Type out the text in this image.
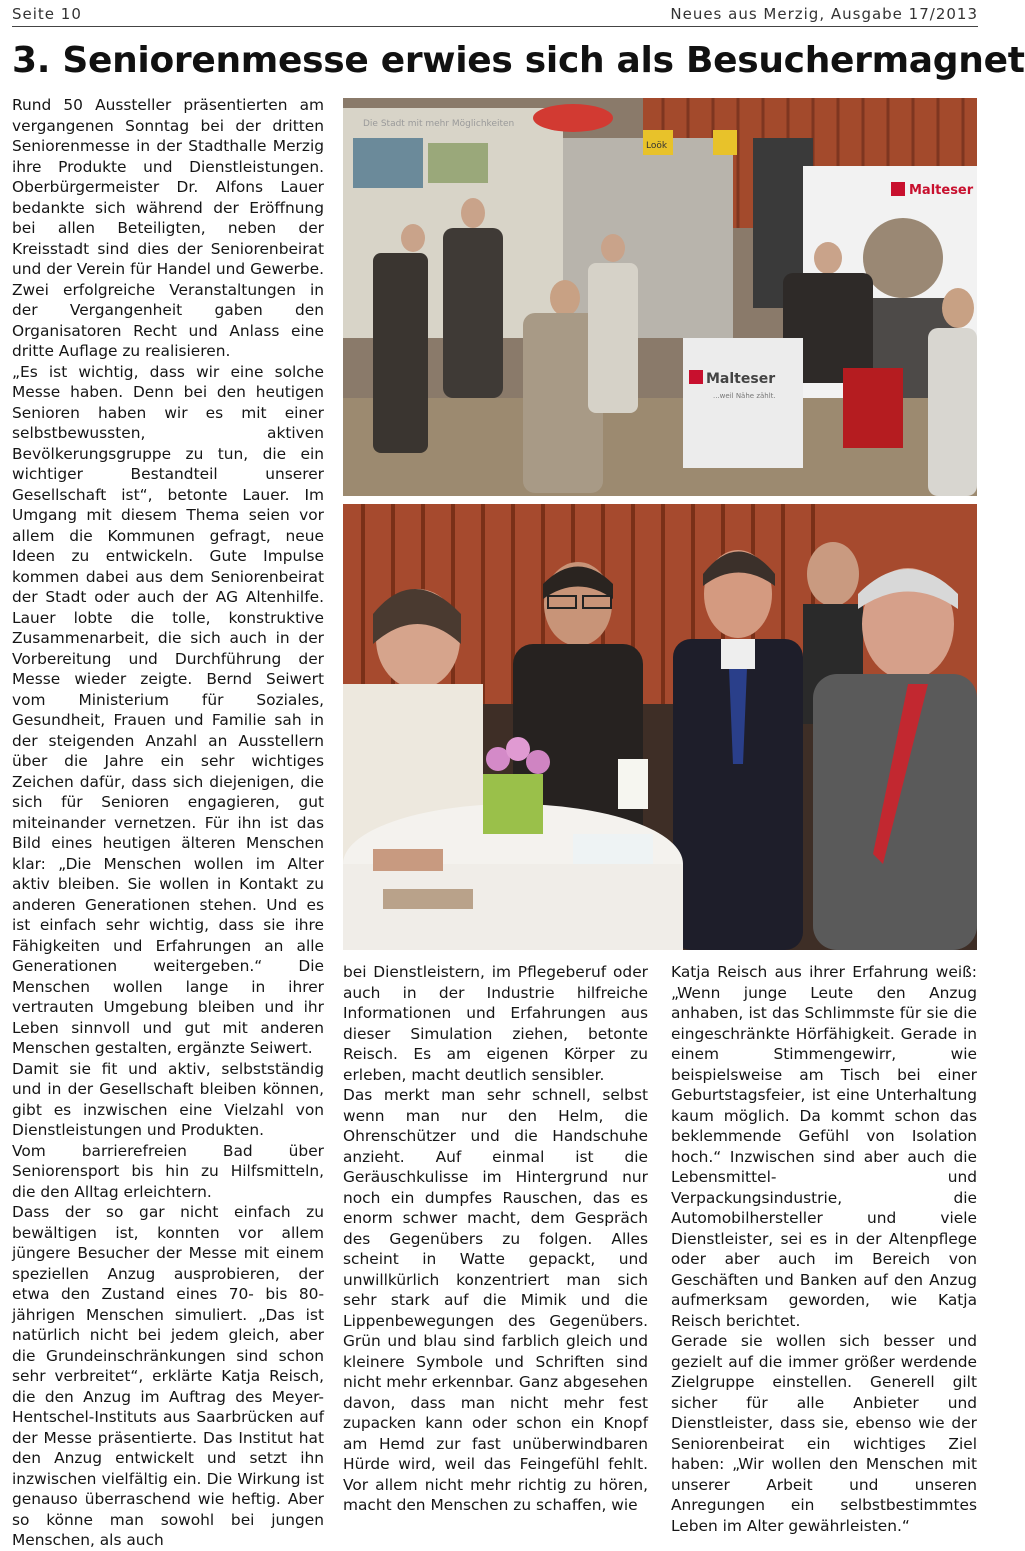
Seite 10	Neues aus Merzig, Ausgabe 17/2013
3. Seniorenmesse erwies sich als Besuchermagnet

Rund 50 Aussteller präsentierten am vergangenen Sonntag bei der dritten Seniorenmesse in der Stadthalle Merzig ihre Produkte und Dienstleistungen. Oberbürgermeister Dr. Alfons Lauer bedankte sich während der Eröffnung bei allen Beteiligten, neben der Kreisstadt sind dies der Seniorenbeirat und der Verein für Handel und Gewerbe. Zwei erfolgreiche Veranstaltungen in der Vergangenheit gaben den Organisatoren Recht und Anlass eine dritte Auflage zu realisieren.

„Es ist wichtig, dass wir eine solche Messe haben. Denn bei den heutigen Senioren haben wir es mit einer selbstbewussten, aktiven Bevölkerungsgruppe zu tun, die ein wichtiger Bestandteil unserer Gesellschaft ist“, betonte Lauer. Im Umgang mit diesem Thema seien vor allem die Kommunen gefragt, neue Ideen zu entwickeln. Gute Impulse kommen dabei aus dem Seniorenbeirat der Stadt oder auch der AG Altenhilfe. Lauer lobte die tolle, konstruktive Zusammenarbeit, die sich auch in der Vorbereitung und Durchführung der Messe wieder zeigte. Bernd Seiwert vom Ministerium für Soziales, Gesundheit, Frauen und Familie sah in der steigenden Anzahl an Ausstellern über die Jahre ein sehr wichtiges Zeichen dafür, dass sich diejenigen, die sich für Senioren engagieren, gut miteinander vernetzen. Für ihn ist das Bild eines heutigen älteren Menschen klar: „Die Menschen wollen im Alter aktiv bleiben. Sie wollen in Kontakt zu anderen Generationen stehen. Und es ist einfach sehr wichtig, dass sie ihre Fähigkeiten und Erfahrungen an alle Generationen weitergeben.“ Die Menschen wollen lange in ihrer vertrauten Umgebung bleiben und ihr Leben sinnvoll und gut mit anderen Menschen gestalten, ergänzte Seiwert.

Damit sie fit und aktiv, selbstständig und in der Gesellschaft bleiben können, gibt es inzwischen eine Vielzahl von Dienstleistungen und Produkten.

Vom barrierefreien Bad über Seniorensport bis hin zu Hilfsmitteln, die den Alltag erleichtern.

Dass der so gar nicht einfach zu bewältigen ist, konnten vor allem jüngere Besucher der Messe mit einem speziellen Anzug ausprobieren, der etwa den Zustand eines 70- bis 80-jährigen Menschen simuliert. „Das ist natürlich nicht bei jedem gleich, aber die Grundeinschränkungen sind schon sehr verbreitet“, erklärte Katja Reisch, die den Anzug im Auftrag des Meyer-Hentschel-Instituts aus Saarbrücken auf der Messe präsentierte. Das Institut hat den Anzug entwickelt und setzt ihn inzwischen vielfältig ein. Die Wirkung ist genauso überraschend wie heftig. Aber so könne man sowohl bei jungen Menschen, als auch

Die Stadt mit mehr Möglichkeiten
Loök
Malteser
Malteser
...weil Nähe zählt.

bei Dienstleistern, im Pflegeberuf oder auch in der Industrie hilfreiche Informationen und Erfahrungen aus dieser Simulation ziehen, betonte Reisch. Es am eigenen Körper zu erleben, macht deutlich sensibler.

Das merkt man sehr schnell, selbst wenn man nur den Helm, die Ohrenschützer und die Handschuhe anzieht. Auf einmal ist die Geräuschkulisse im Hintergrund nur noch ein dumpfes Rauschen, das es enorm schwer macht, dem Gespräch des Gegenübers zu folgen. Alles scheint in Watte gepackt, und unwillkürlich konzentriert man sich sehr stark auf die Mimik und die Lippenbewegungen des Gegenübers. Grün und blau sind farblich gleich und kleinere Symbole und Schriften sind nicht mehr erkennbar. Ganz abgesehen davon, dass man nicht mehr fest zupacken kann oder schon ein Knopf am Hemd zur fast unüberwindbaren Hürde wird, weil das Feingefühl fehlt. Vor allem nicht mehr richtig zu hören, macht den Menschen zu schaffen, wie

Katja Reisch aus ihrer Erfahrung weiß: „Wenn junge Leute den Anzug anhaben, ist das Schlimmste für sie die eingeschränkte Hörfähigkeit. Gerade in einem Stimmengewirr, wie beispielsweise am Tisch bei einer Geburtstagsfeier, ist eine Unterhaltung kaum möglich. Da kommt schon das beklemmende Gefühl von Isolation hoch.“ Inzwischen sind aber auch die Lebensmittel- und Verpackungsindustrie, die Automobilhersteller und viele Dienstleister, sei es in der Altenpflege oder aber auch im Bereich von Geschäften und Banken auf den Anzug aufmerksam geworden, wie Katja Reisch berichtet.

Gerade sie wollen sich besser und gezielt auf die immer größer werdende Zielgruppe einstellen. Generell gilt sicher für alle Anbieter und Dienstleister, dass sie, ebenso wie der Seniorenbeirat ein wichtiges Ziel haben: „Wir wollen den Menschen mit unserer Arbeit und unseren Anregungen ein selbstbestimmtes Leben im Alter gewährleisten.“
